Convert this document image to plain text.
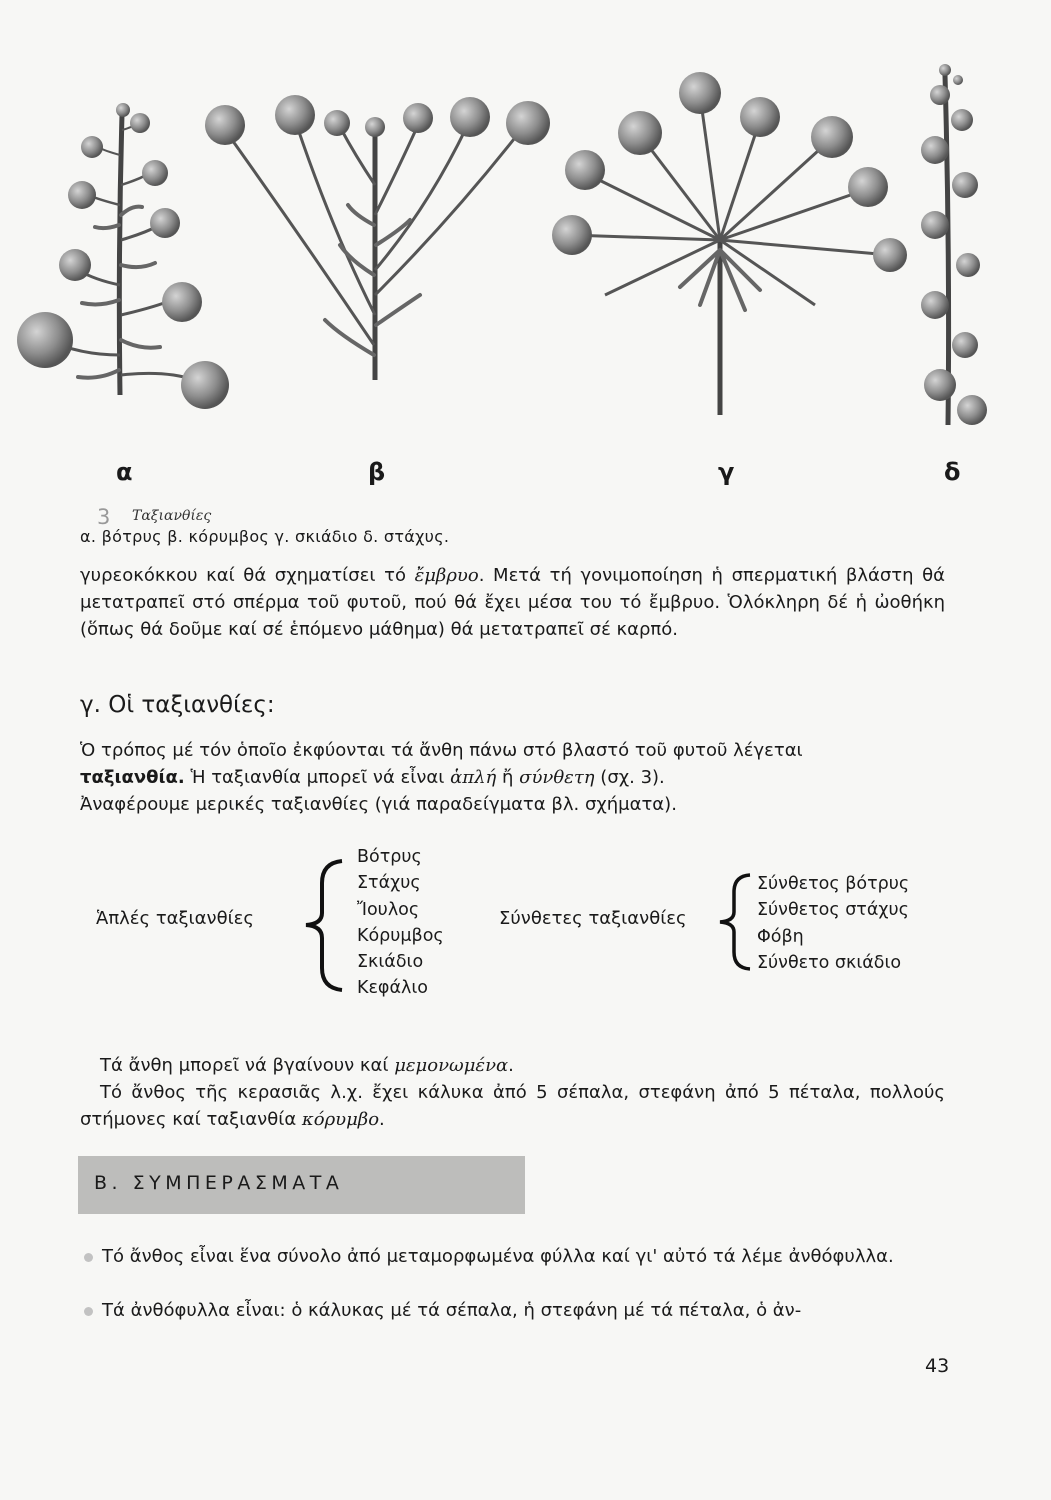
α	β	γ	δ
3 Ταξιανθίες
α. βότρυς β. κόρυμβος γ. σκιάδιο δ. στάχυς.

γυρεοκόκκου καί θά σχηματίσει τό ἔμβρυο. Μετά τή γονιμοποίηση ἡ σπερματική βλάστη θά μετατραπεῖ στό σπέρμα τοῦ φυτοῦ, πού θά ἔχει μέσα του τό ἔμβρυο. Ὁλόκληρη δέ ἡ ὠοθήκη (ὅπως θά δοῦμε καί σέ ἑπόμενο μάθημα) θά μετατραπεῖ σέ καρπό.

γ. Οἱ ταξιανθίες:

Ὁ τρόπος μέ τόν ὁποῖο ἐκφύονται τά ἄνθη πάνω στό βλαστό τοῦ φυτοῦ λέγεται
ταξιανθία. Ἡ ταξιανθία μπορεῖ νά εἶναι ἁπλή ἤ σύνθετη (σχ. 3).
Ἀναφέρουμε μερικές ταξιανθίες (γιά παραδείγματα βλ. σχήματα).

Ἁπλές ταξιανθίες
Βότρυς
Στάχυς
Ἴουλος
Κόρυμβος
Σκιάδιο
Κεφάλιο
Σύνθετες ταξιανθίες
Σύνθετος βότρυς
Σύνθετος στάχυς
Φόβη
Σύνθετο σκιάδιο

Τά ἄνθη μπορεῖ νά βγαίνουν καί μεμονωμένα.
Τό ἄνθος τῆς κερασιᾶς λ.χ. ἔχει κάλυκα ἀπό 5 σέπαλα, στεφάνη ἀπό 5 πέταλα, πολλούς στήμονες καί ταξιανθία κόρυμβο.

Β. ΣΥΜΠΕΡΑΣΜΑΤΑ

Τό ἄνθος εἶναι ἕνα σύνολο ἀπό μεταμορφωμένα φύλλα καί γι' αὐτό τά λέμε ἀνθόφυλλα.

Τά ἀνθόφυλλα εἶναι: ὁ κάλυκας μέ τά σέπαλα, ἡ στεφάνη μέ τά πέταλα, ὁ ἀν-

43
